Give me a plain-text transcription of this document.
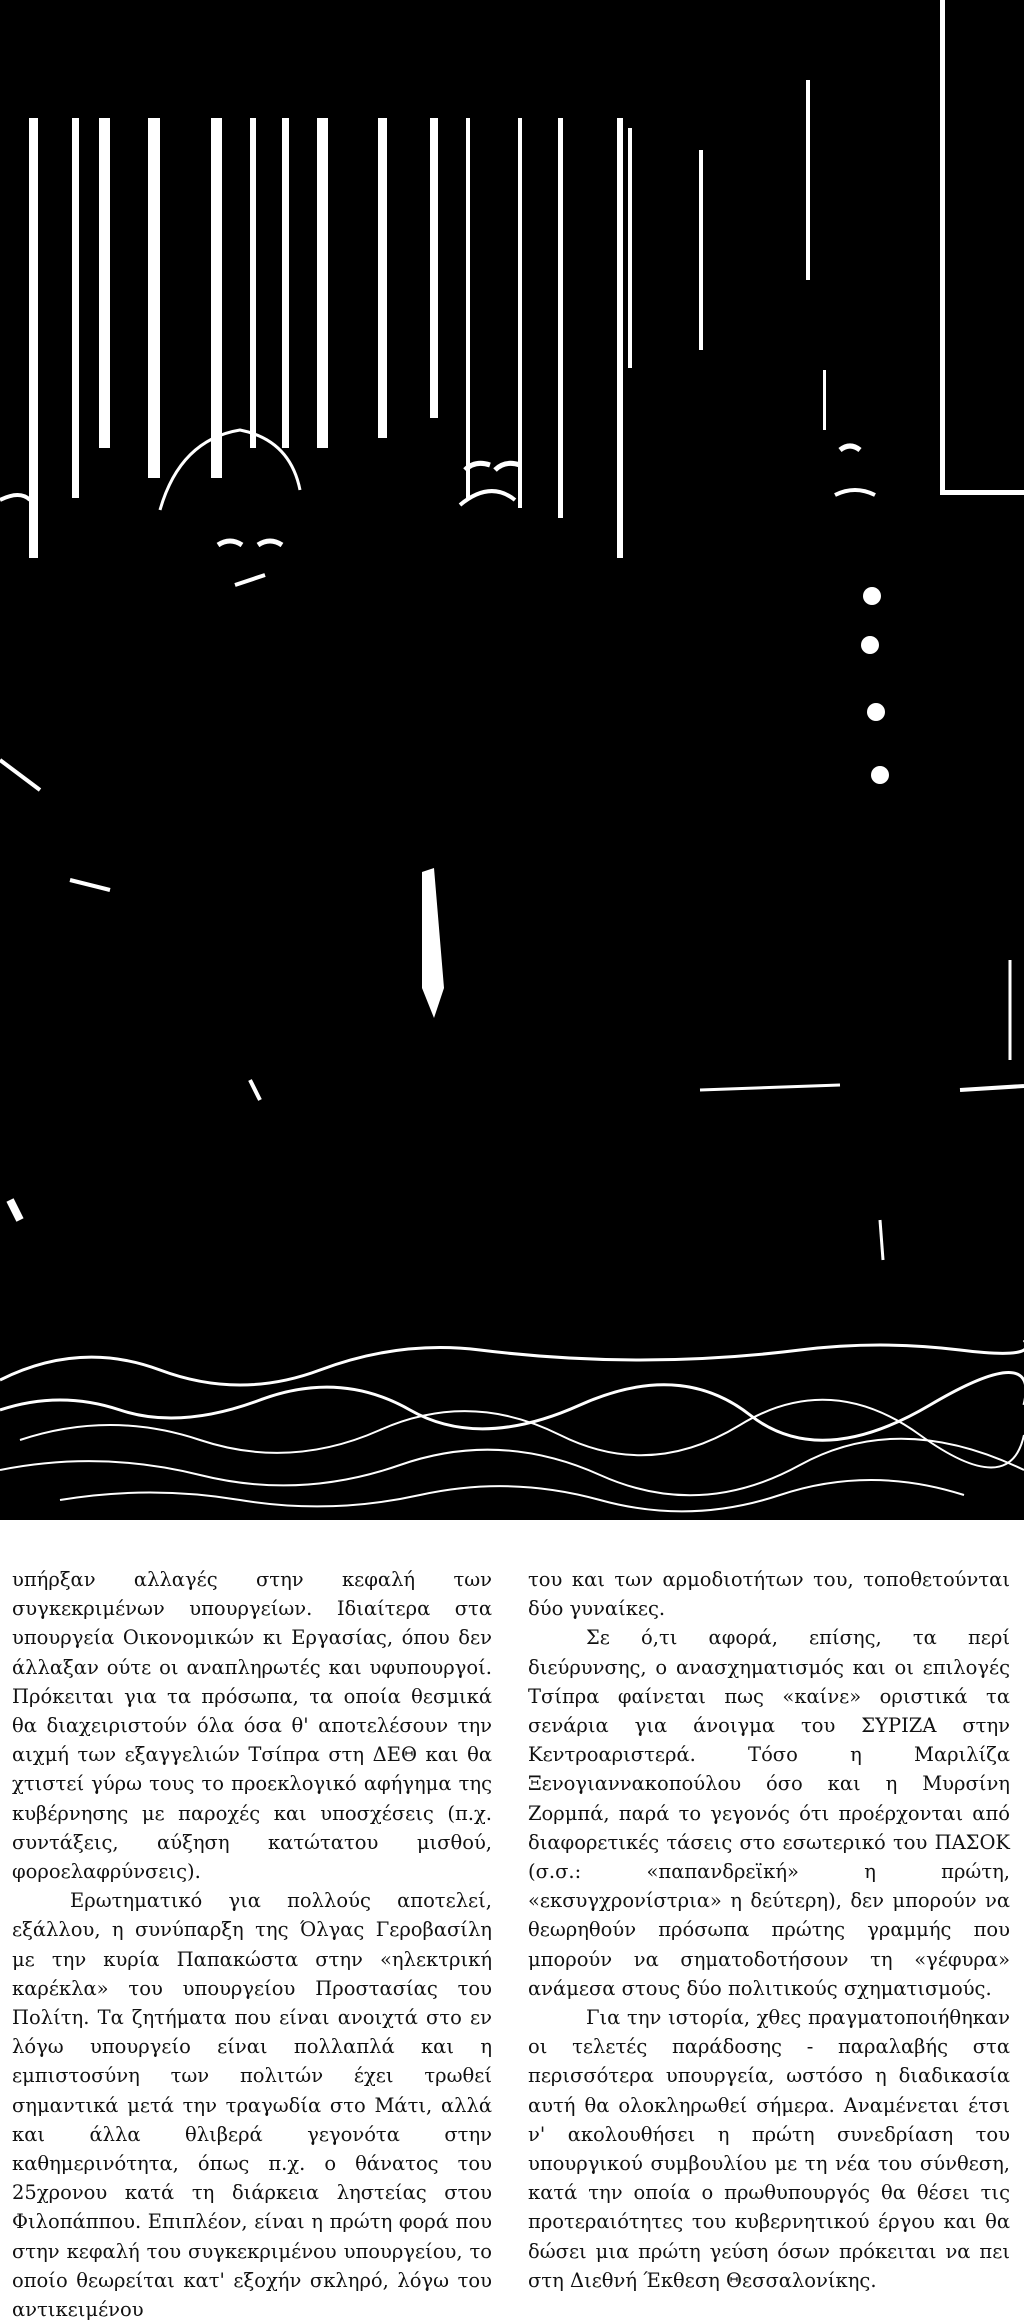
υπήρξαν αλλαγές στην κεφαλή των συγκεκριμένων υπουργείων. Ιδιαίτερα στα υπουργεία Οικονομικών κι Εργασίας, όπου δεν άλλαξαν ούτε οι αναπληρωτές και υφυπουργοί. Πρόκειται για τα πρόσωπα, τα οποία θεσμικά θα διαχειριστούν όλα όσα θ' αποτελέσουν την αιχμή των εξαγγελιών Τσίπρα στη ΔΕΘ και θα χτιστεί γύρω τους το προεκλογικό αφήγημα της κυβέρνησης με παροχές και υποσχέσεις (π.χ. συντάξεις, αύξηση κατώτατου μισθού, φοροελαφρύνσεις).

Ερωτηματικό για πολλούς αποτελεί, εξάλλου, η συνύπαρξη της Όλγας Γεροβασίλη με την κυρία Παπακώστα στην «ηλεκτρική καρέκλα» του υπουργείου Προστασίας του Πολίτη. Τα ζητήματα που είναι ανοιχτά στο εν λόγω υπουργείο είναι πολλαπλά και η εμπιστοσύνη των πολιτών έχει τρωθεί σημαντικά μετά την τραγωδία στο Μάτι, αλλά και άλλα θλιβερά γεγονότα στην καθημερινότητα, όπως π.χ. ο θάνατος του 25χρονου κατά τη διάρκεια ληστείας στου Φιλοπάππου. Επιπλέον, είναι η πρώτη φορά που στην κεφαλή του συγκεκριμένου υπουργείου, το οποίο θεωρείται κατ' εξοχήν σκληρό, λόγω του αντικειμένου

του και των αρμοδιοτήτων του, τοποθετούνται δύο γυναίκες.

Σε ό,τι αφορά, επίσης, τα περί διεύρυνσης, ο ανασχηματισμός και οι επιλογές Τσίπρα φαίνεται πως «καίνε» οριστικά τα σενάρια για άνοιγμα του ΣΥΡΙΖΑ στην Κεντροαριστερά. Τόσο η Μαριλίζα Ξενογιαννακοπούλου όσο και η Μυρσίνη Ζορμπά, παρά το γεγονός ότι προέρχονται από διαφορετικές τάσεις στο εσωτερικό του ΠΑΣΟΚ (σ.σ.: «παπανδρεϊκή» η πρώτη, «εκσυγχρονίστρια» η δεύτερη), δεν μπορούν να θεωρηθούν πρόσωπα πρώτης γραμμής που μπορούν να σηματοδοτήσουν τη «γέφυρα» ανάμεσα στους δύο πολιτικούς σχηματισμούς.

Για την ιστορία, χθες πραγματοποιήθηκαν οι τελετές παράδοσης - παραλαβής στα περισσότερα υπουργεία, ωστόσο η διαδικασία αυτή θα ολοκληρωθεί σήμερα. Αναμένεται έτσι ν' ακολουθήσει η πρώτη συνεδρίαση του υπουργικού συμβουλίου με τη νέα του σύνθεση, κατά την οποία ο πρωθυπουργός θα θέσει τις προτεραιότητες του κυβερνητικού έργου και θα δώσει μια πρώτη γεύση όσων πρόκειται να πει στη Διεθνή Έκθεση Θεσσαλονίκης.
